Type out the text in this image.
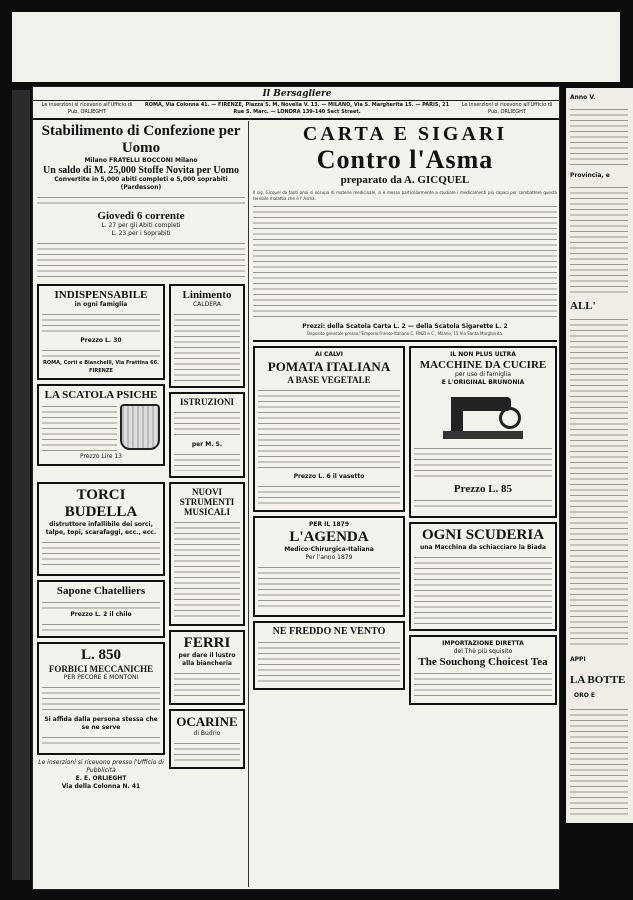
Il Bersagliere
Le inserzioni si ricevono all'Ufficio di Pub. ORLIEGHT
ROMA, Via Colonna 41. — FIRENZE, Piazza S. M. Novella V. 13. — MILANO, Via S. Margherita 15. — PARIS, 21 Rue S. Marc. — LONDRA 139-140 Sect Street.
Le inserzioni si ricevono all'Ufficio di Pub. ORLIEGHT
Stabilimento di Confezione per Uomo
Milano FRATELLI BOCCONI Milano
Un saldo di M. 25,000 Stoffe Novita per Uomo
Convertite in 5,000 abiti completi e 5,000 soprabiti (Pardesson)
Giovedi 6 corrente
L. 27 per gli Abiti completi
L. 23 per i Soprabiti
INDISPENSABILE
in ogni famiglia
Prezzo L. 30
ROMA, Corti e Bianchelli, Via Frattina 66. FIRENZE
LA SCATOLA PSICHE
Prezzo Lire 13
Linimento
CALDERA
ISTRUZIONI
per M. S.
TORCI BUDELLA
distruttore infallibile dei sorci, talpe, topi, scarafaggi, ecc., ecc.
Sapone Chatelliers
Prezzo L. 2 il chilo
L. 850
FORBICI MECCANICHE
PER PECORE E MONTONI
Si affida dalla persona stessa che se ne serve
Le inserzioni si ricevono presso l'Ufficio di Pubblicità
E. E. ORLIEGHT
Via della Colonna N. 41
NUOVI STRUMENTI MUSICALI
FERRI
per dare il lustro alla biancheria
OCARINE
di Budrio
CARTA E SIGARI
Contro l'Asma
preparato da A. GICQUEL
Il sig. Gicquel da tanti anni si occupa di materie medicinale, si è messo particolarmente a studiare i medicamenti più capaci per combattere questa terribile malattia che è l' Asma.
Prezzi: della Scatola Carta L. 2 — della Scatola Sigarette L. 2
Deposito generale presso l'Emporio Franco-Italiano C. FINZI e C., Milano, 15 Via Santa Margherita.
AI CALVI
POMATA ITALIANA
A BASE VEGETALE
Prezzo L. 6 il vasetto
PER IL 1879
L'AGENDA
Medico-Chirurgica-Italiana
Per l'anno 1879
NE FREDDO NE VENTO
IL NON PLUS ULTRA
MACCHINE DA CUCIRE
per uso di famiglia
E L'ORIGINAL BRUNONIA
Prezzo L. 85
OGNI SCUDERIA
una Macchina da schiacciare la Biada
IMPORTAZIONE DIRETTA
del Thè più squisito
The Souchong Choicest Tea
Anno V.
Provincia, e
ALL'
APPI
LA BOTTE
ORO E
